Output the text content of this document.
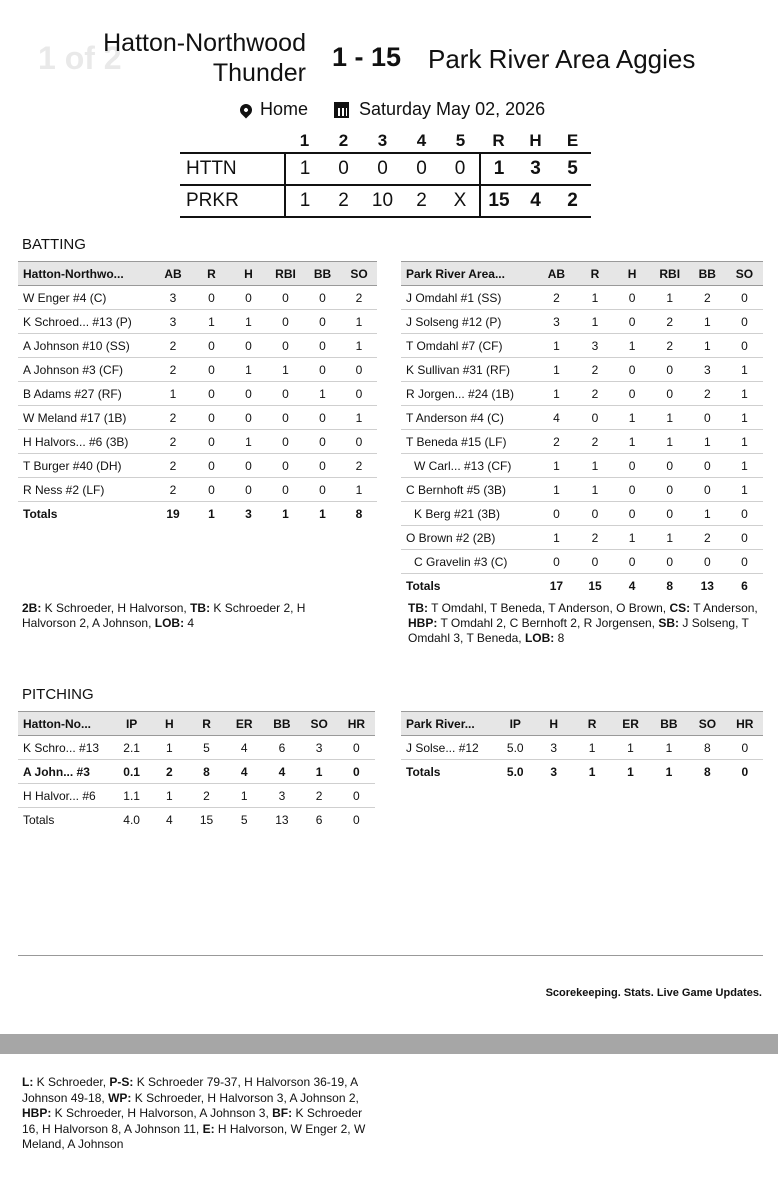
1 of 2
Hatton-Northwood
Thunder
1 - 15 Park River Area Aggies
Home	Saturday May 02, 2026
	1	2	3	4	5	R	H	E
HTTN	1	0	0	0	0	1	3	5
PRKR	1	2	10	2	X	15	4	2
BATTING
Hatton-Northwo...	AB	R	H	RBI	BB	SO
W Enger #4 (C)	3	0	0	0	0	2
K Schroed... #13 (P)	3	1	1	0	0	1
A Johnson #10 (SS)	2	0	0	0	0	1
A Johnson #3 (CF)	2	0	1	1	0	0
B Adams #27 (RF)	1	0	0	0	1	0
W Meland #17 (1B)	2	0	0	0	0	1
H Halvors... #6 (3B)	2	0	1	0	0	0
T Burger #40 (DH)	2	0	0	0	0	2
R Ness #2 (LF)	2	0	0	0	0	1
Totals	19	1	3	1	1	8
Park River Area...	AB	R	H	RBI	BB	SO
J Omdahl #1 (SS)	2	1	0	1	2	0
J Solseng #12 (P)	3	1	0	2	1	0
T Omdahl #7 (CF)	1	3	1	2	1	0
K Sullivan #31 (RF)	1	2	0	0	3	1
R Jorgen... #24 (1B)	1	2	0	0	2	1
T Anderson #4 (C)	4	0	1	1	0	1
T Beneda #15 (LF)	2	2	1	1	1	1
W Carl... #13 (CF)	1	1	0	0	0	1
C Bernhoft #5 (3B)	1	1	0	0	0	1
K Berg #21 (3B)	0	0	0	0	1	0
O Brown #2 (2B)	1	2	1	1	2	0
C Gravelin #3 (C)	0	0	0	0	0	0
Totals	17	15	4	8	13	6
2B: K Schroeder, H Halvorson, TB: K Schroeder 2, H Halvorson 2, A Johnson, LOB: 4
TB: T Omdahl, T Beneda, T Anderson, O Brown, CS: T Anderson, HBP: T Omdahl 2, C Bernhoft 2, R Jorgensen, SB: J Solseng, T Omdahl 3, T Beneda, LOB: 8
PITCHING
Hatton-No...	IP	H	R	ER	BB	SO	HR
K Schro... #13	2.1	1	5	4	6	3	0
A John... #3	0.1	2	8	4	4	1	0
H Halvor... #6	1.1	1	2	1	3	2	0
Totals	4.0	4	15	5	13	6	0
Park River...	IP	H	R	ER	BB	SO	HR
J Solse... #12	5.0	3	1	1	1	8	0
Totals	5.0	3	1	1	1	8	0
Scorekeeping. Stats. Live Game Updates.
L: K Schroeder, P-S: K Schroeder 79-37, H Halvorson 36-19, A Johnson 49-18, WP: K Schroeder, H Halvorson 3, A Johnson 2, HBP: K Schroeder, H Halvorson, A Johnson 3, BF: K Schroeder 16, H Halvorson 8, A Johnson 11, E: H Halvorson, W Enger 2, W Meland, A Johnson
